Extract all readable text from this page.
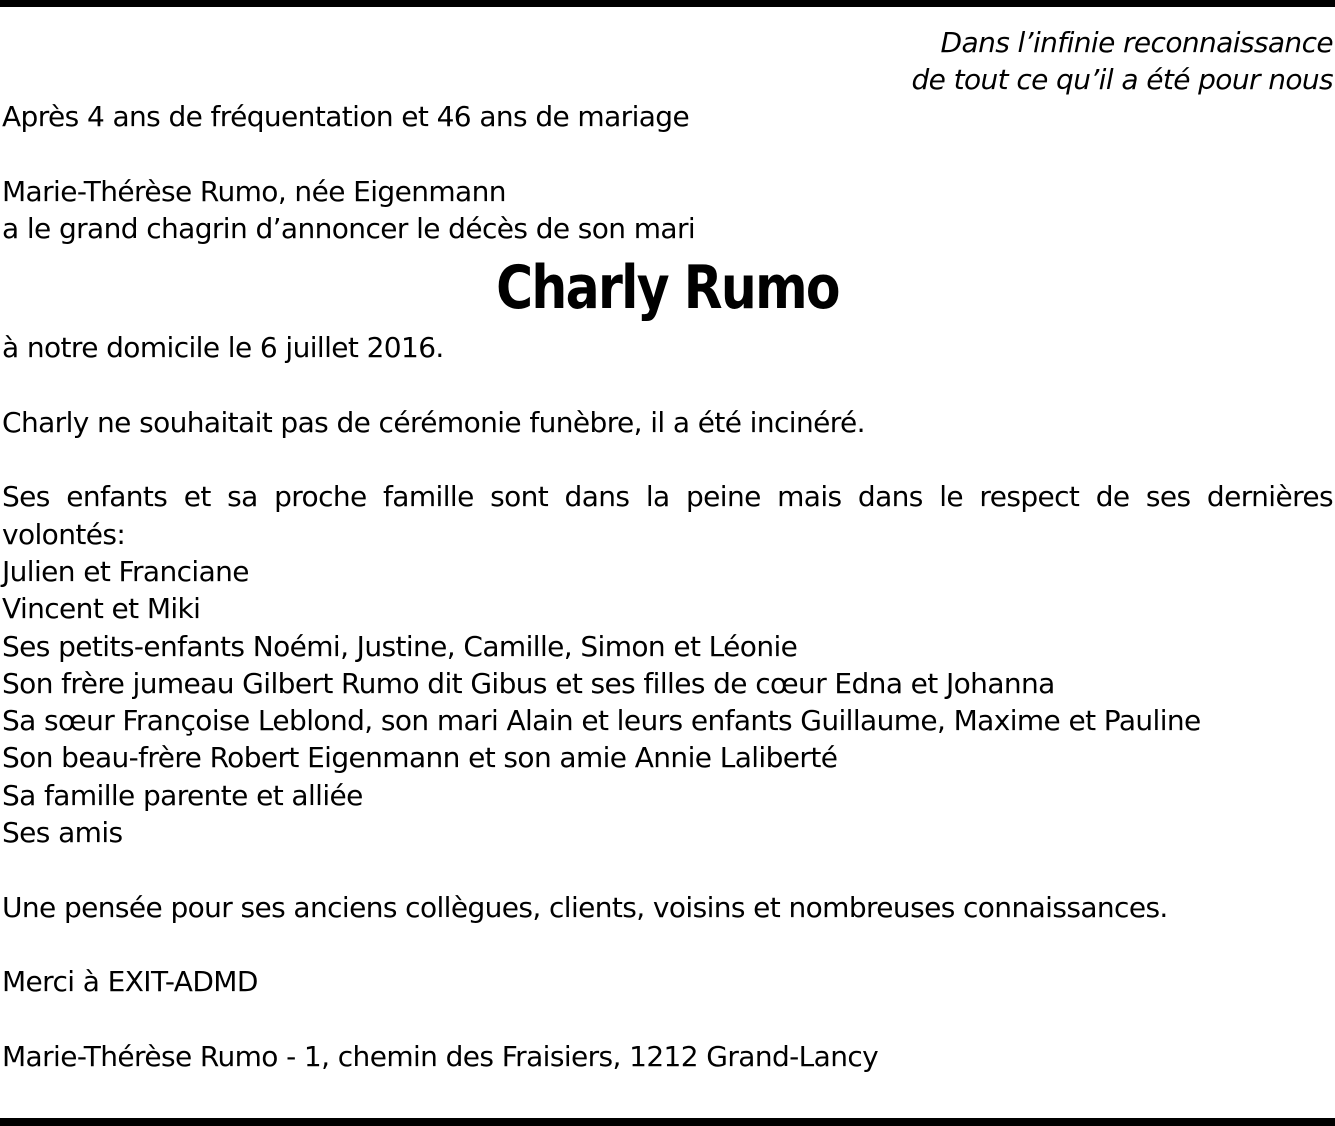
Dans l’infinie reconnaissance
de tout ce qu’il a été pour nous

Après 4 ans de fréquentation et 46 ans de mariage

Marie-Thérèse Rumo, née Eigenmann

a le grand chagrin d’annoncer le décès de son mari

Charly Rumo

à notre domicile le 6 juillet 2016.

Charly ne souhaitait pas de cérémonie funèbre, il a été incinéré.

Ses enfants et sa proche famille sont dans la peine mais dans le respect de ses dernières volontés:

Julien et Franciane

Vincent et Miki

Ses petits-enfants Noémi, Justine, Camille, Simon et Léonie

Son frère jumeau Gilbert Rumo dit Gibus et ses filles de cœur Edna et Johanna

Sa sœur Françoise Leblond, son mari Alain et leurs enfants Guillaume, Maxime et Pauline

Son beau-frère Robert Eigenmann et son amie Annie Laliberté

Sa famille parente et alliée

Ses amis

Une pensée pour ses anciens collègues, clients, voisins et nombreuses connaissances.

Merci à EXIT-ADMD

Marie-Thérèse Rumo - 1, chemin des Fraisiers, 1212 Grand-Lancy
